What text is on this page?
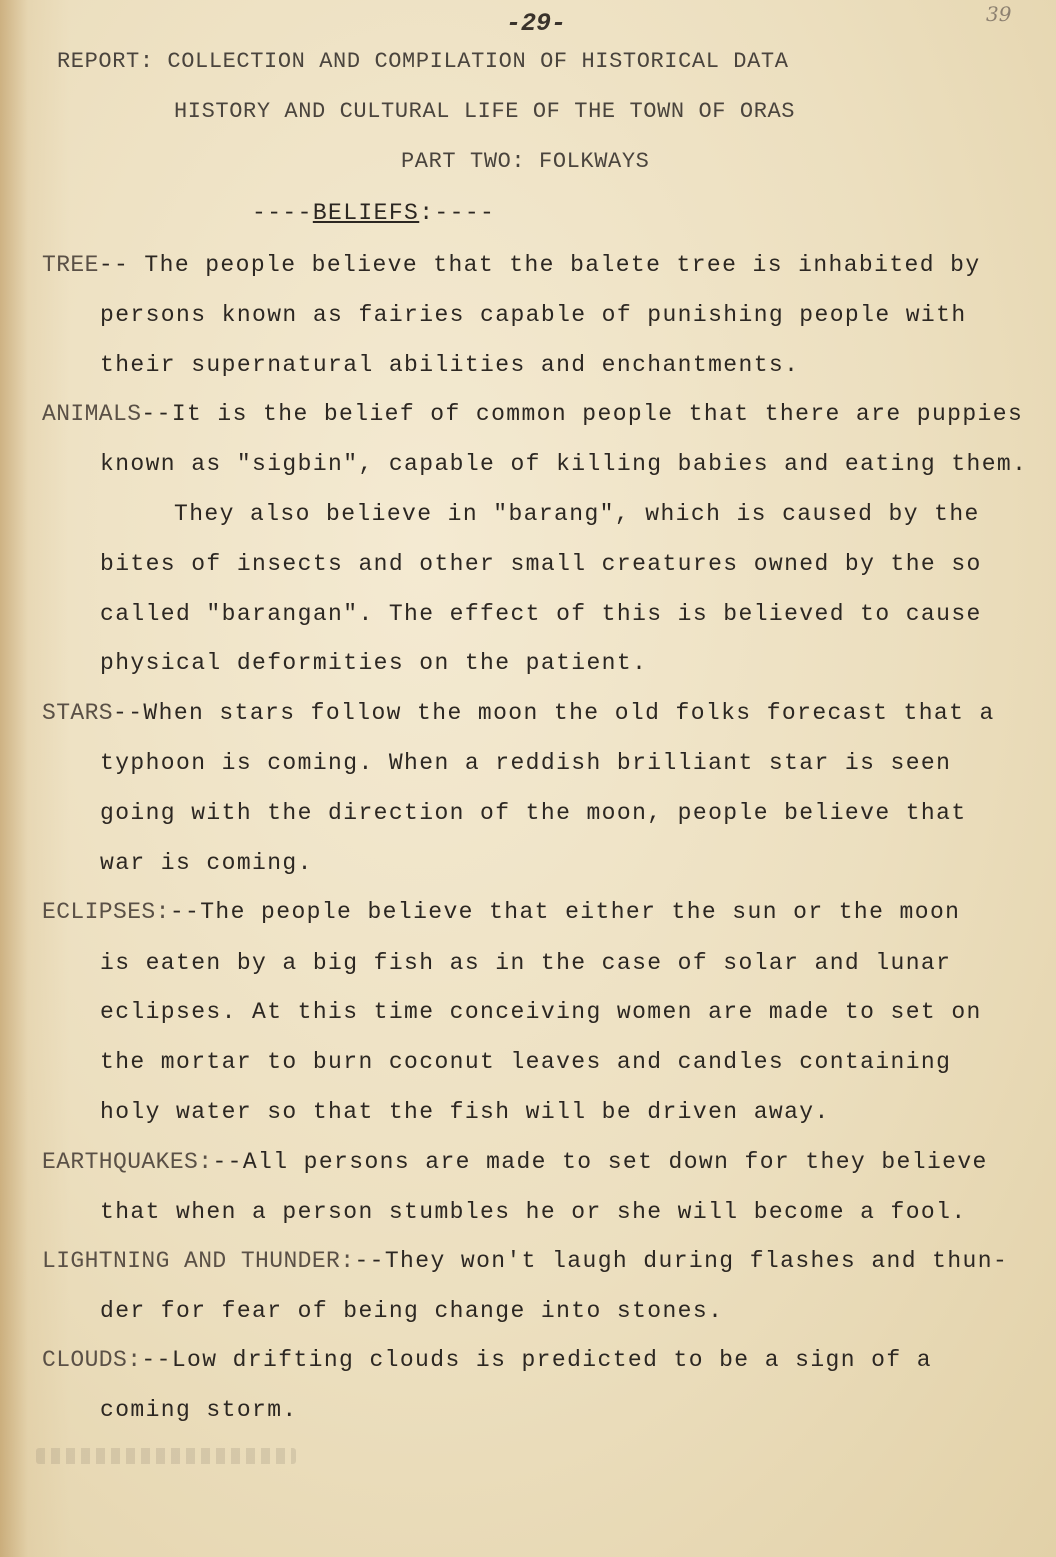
-29-	39
REPORT: COLLECTION AND COMPILATION OF HISTORICAL DATA
HISTORY AND CULTURAL LIFE OF THE TOWN OF ORAS
PART TWO: FOLKWAYS
----BELIEFS:----
TREE-- The people believe that the balete tree is inhabited by
persons known as fairies capable of punishing people with
their supernatural abilities and enchantments.
ANIMALS--It is the belief of common people that there are puppies
known as "sigbin", capable of killing babies and eating them.
They also believe in "barang", which is caused by the
bites of insects and other small creatures owned by the so
called "barangan". The effect of this is believed to cause
physical deformities on the patient.
STARS--When stars follow the moon the old folks forecast that a
typhoon is coming. When a reddish brilliant star is seen
going with the direction of the moon, people believe that
war is coming.
ECLIPSES:--The people believe that either the sun or the moon
is eaten by a big fish as in the case of solar and lunar
eclipses. At this time conceiving women are made to set on
the mortar to burn coconut leaves and candles containing
holy water so that the fish will be driven away.
EARTHQUAKES:--All persons are made to set down for they believe
that when a person stumbles he or she will become a fool.
LIGHTNING AND THUNDER:--They won't laugh during flashes and thun-
der for fear of being change into stones.
CLOUDS:--Low drifting clouds is predicted to be a sign of a
coming storm.
